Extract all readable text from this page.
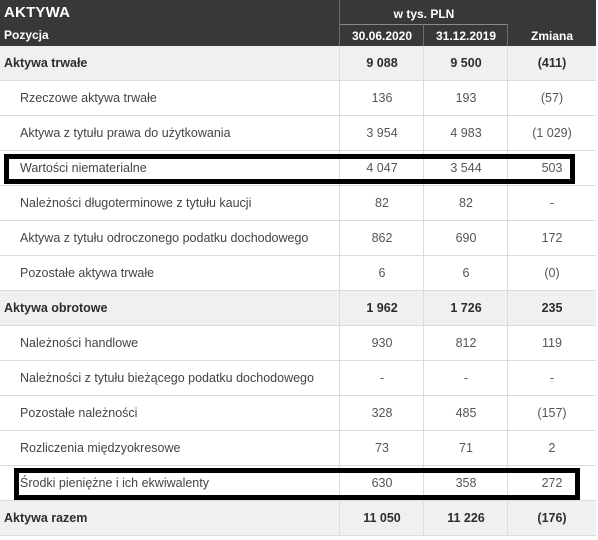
AKTYWA
Pozycja
w tys. PLN
30.06.2020	31.12.2019	Zmiana
Aktywa trwałe	9 088	9 500	(411)
Rzeczowe aktywa trwałe	136	193	(57)
Aktywa z tytułu prawa do użytkowania	3 954	4 983	(1 029)
Wartości niematerialne	4 047	3 544	503
Należności długoterminowe z tytułu kaucji	82	82	-
Aktywa z tytułu odroczonego podatku dochodowego	862	690	172
Pozostałe aktywa trwałe	6	6	(0)
Aktywa obrotowe	1 962	1 726	235
Należności handlowe	930	812	119
Należności z tytułu bieżącego podatku dochodowego	-	-	-
Pozostałe należności	328	485	(157)
Rozliczenia międzyokresowe	73	71	2
Środki pieniężne i ich ekwiwalenty	630	358	272
Aktywa razem	11 050	11 226	(176)
